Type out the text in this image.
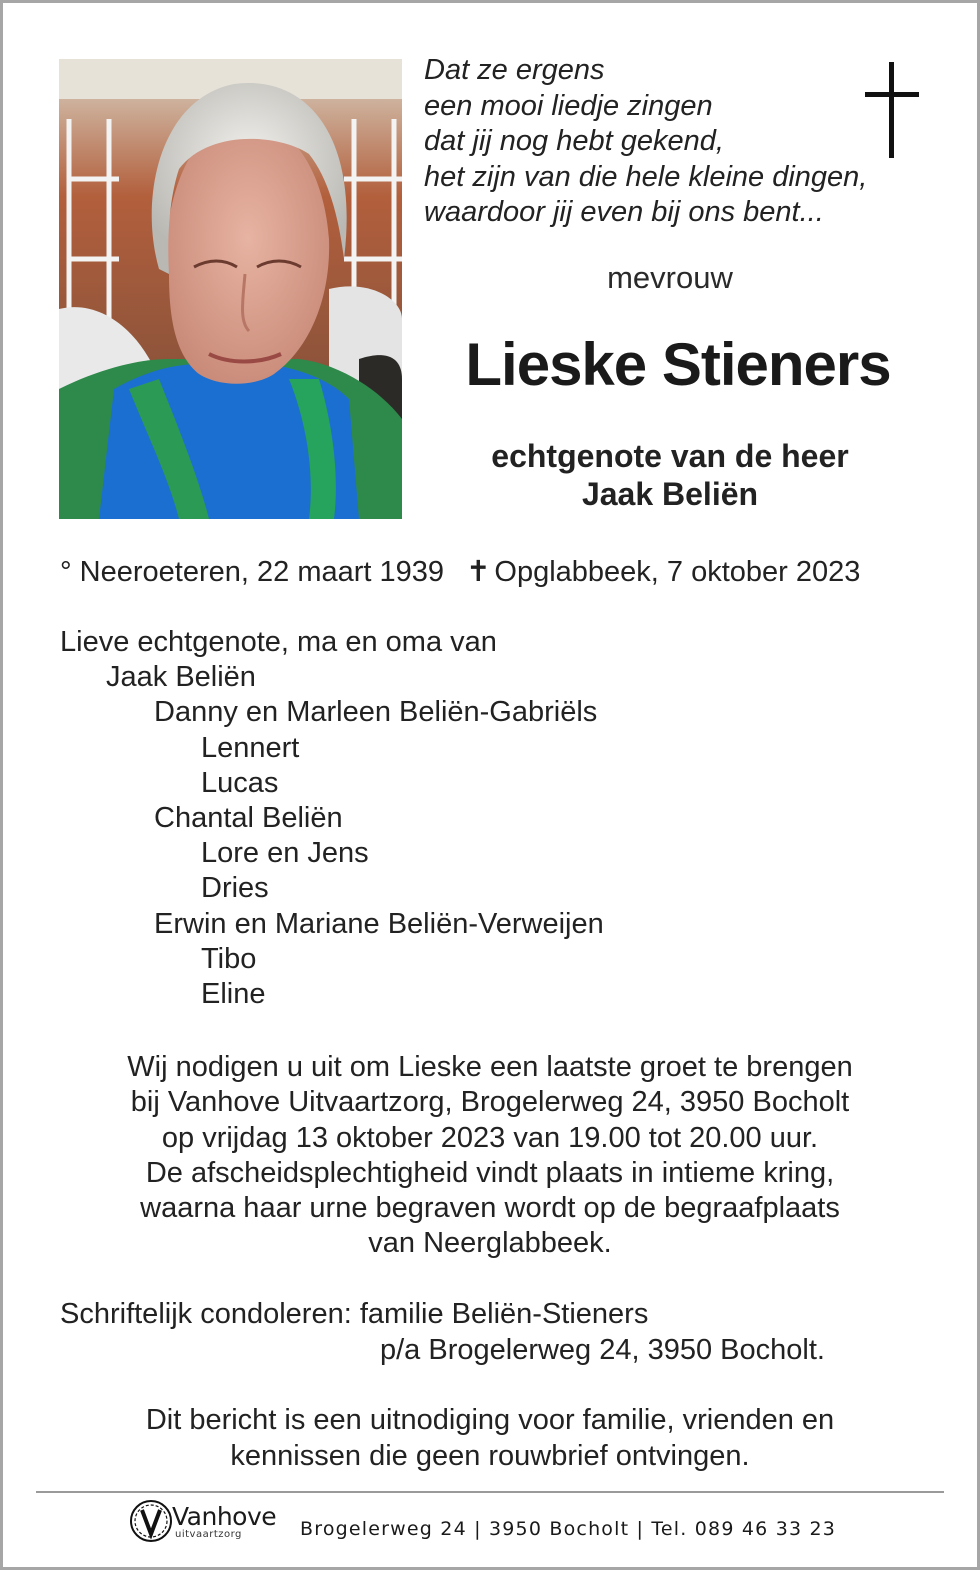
Dat ze ergens
een mooi liedje zingen
dat jij nog hebt gekend,
het zijn van die hele kleine dingen,
waardoor jij even bij ons bent...
mevrouw
Lieske Stieners
echtgenote van de heer
Jaak Beliën
° Neeroeteren, 22 maart 1939 ✝ Opglabbeek, 7 oktober 2023
Lieve echtgenote, ma en oma van
Jaak Beliën
Danny en Marleen Beliën-Gabriëls
Lennert
Lucas
Chantal Beliën
Lore en Jens
Dries
Erwin en Mariane Beliën-Verweijen
Tibo
Eline
Wij nodigen u uit om Lieske een laatste groet te brengen
bij Vanhove Uitvaartzorg, Brogelerweg 24, 3950 Bocholt
op vrijdag 13 oktober 2023 van 19.00 tot 20.00 uur.
De afscheidsplechtigheid vindt plaats in intieme kring,
waarna haar urne begraven wordt op de begraafplaats
van Neerglabbeek.
Schriftelijk condoleren: familie Beliën-Stieners
p/a Brogelerweg 24, 3950 Bocholt.
Dit bericht is een uitnodiging voor familie, vrienden en
kennissen die geen rouwbrief ontvingen.
Vanhove
uitvaartzorg	Brogelerweg 24 | 3950 Bocholt | Tel. 089 46 33 23
